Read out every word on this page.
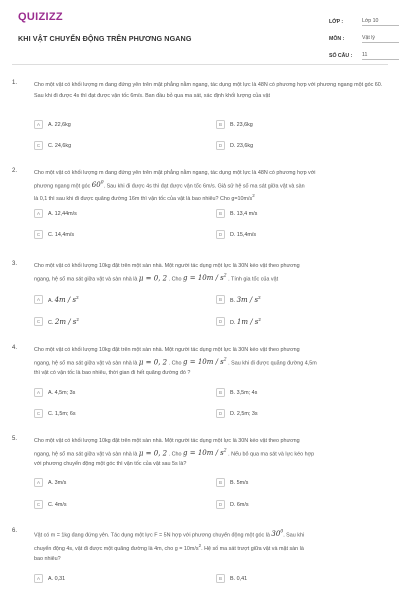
QUIZIZZ
KHI VẬT CHUYỂN ĐỘNG TRÊN PHƯƠNG NGANG
LỚP :	Lớp 10
MÔN :	Vật lý
SỐ CÂU :	11
1.	Cho một vật có khối lượng m đang đứng yên trên mặt phẳng nằm ngang, tác dụng một lực là 48N có phương hợp với phương ngang một góc 60. Sau khi đi được 4s thì đạt được vận tốc 6m/s. Ban đầu bỏ qua ma sát, xác định khối lượng của vật
A	A. 22,6kg	B	B. 23,6kg
C	C. 24,6kg	D	D. 23,6kg
2.	Cho một vật có khối lượng m đang đứng yên trên mặt phẳng nằm ngang, tác dụng một lực là 48N có phương hợp với
phương ngang một góc $60^0$. Sau khi đi được 4s thì đạt được vận tốc 6m/s. Giả sử hệ số ma sát giữa vật và sàn
là 0,1 thì sau khi đi được quãng đường 16m thì vận tốc của vật là bao nhiêu? Cho $g=10m/s^2$
A	A. 12,44m/s	B	B. 13,4 m/s
C	C. 14,4m/s	D	D. 15,4m/s
3.	Cho một vật có khối lượng 10kg đặt trên một sàn nhà. Một người tác dụng một lực là 30N kéo vật theo phương
ngang, hệ số ma sát giữa vật và sàn nhà là μ = 0, 2 . Cho $g = 10m / s^2$ . Tính gia tốc của vật
A	A. $4m / s^2$	B	B. $3m / s^2$
C	C. $2m / s^2$	D	D. $1m / s^2$
4.	Cho một vật có khối lượng 10kg đặt trên một sàn nhà. Một người tác dụng một lực là 30N kéo vật theo phương
ngang, hệ số ma sát giữa vật và sàn nhà là μ = 0, 2 . Cho $g = 10m / s^2$ . Sau khi đi được quãng đường 4,5m
thì vật có vận tốc là bao nhiêu, thời gian đi hết quãng đường đó ?
A	A. 4,5m; 3s	B	B. 3,5m; 4s
C	C. 1,5m; 6s	D	D. 2,5m; 3s
5.	Cho một vật có khối lượng 10kg đặt trên một sàn nhà. Một người tác dụng một lực là 30N kéo vật theo phương
ngang, hệ số ma sát giữa vật và sàn nhà là μ = 0, 2 . Cho $g = 10m / s^2$ . Nếu bỏ qua ma sát và lực kéo hợp
với phương chuyển động một góc thì vận tốc của vật sau 5s là?
A	A. 3m/s	B	B. 5m/s
C	C. 4m/s	D	D. 6m/s
6.
Vật có m = 1kg đang đứng yên. Tác dụng một lực F = 5N hợp với phương chuyển động một góc là $30^0$. Sau khi
chuyển động 4s, vật đi được một quãng đường là 4m, cho $g = 10m/s^2$. Hệ số ma sát trượt giữa vật và mặt sàn là
bao nhiêu?
A	A. 0,31	B	B. 0,41
